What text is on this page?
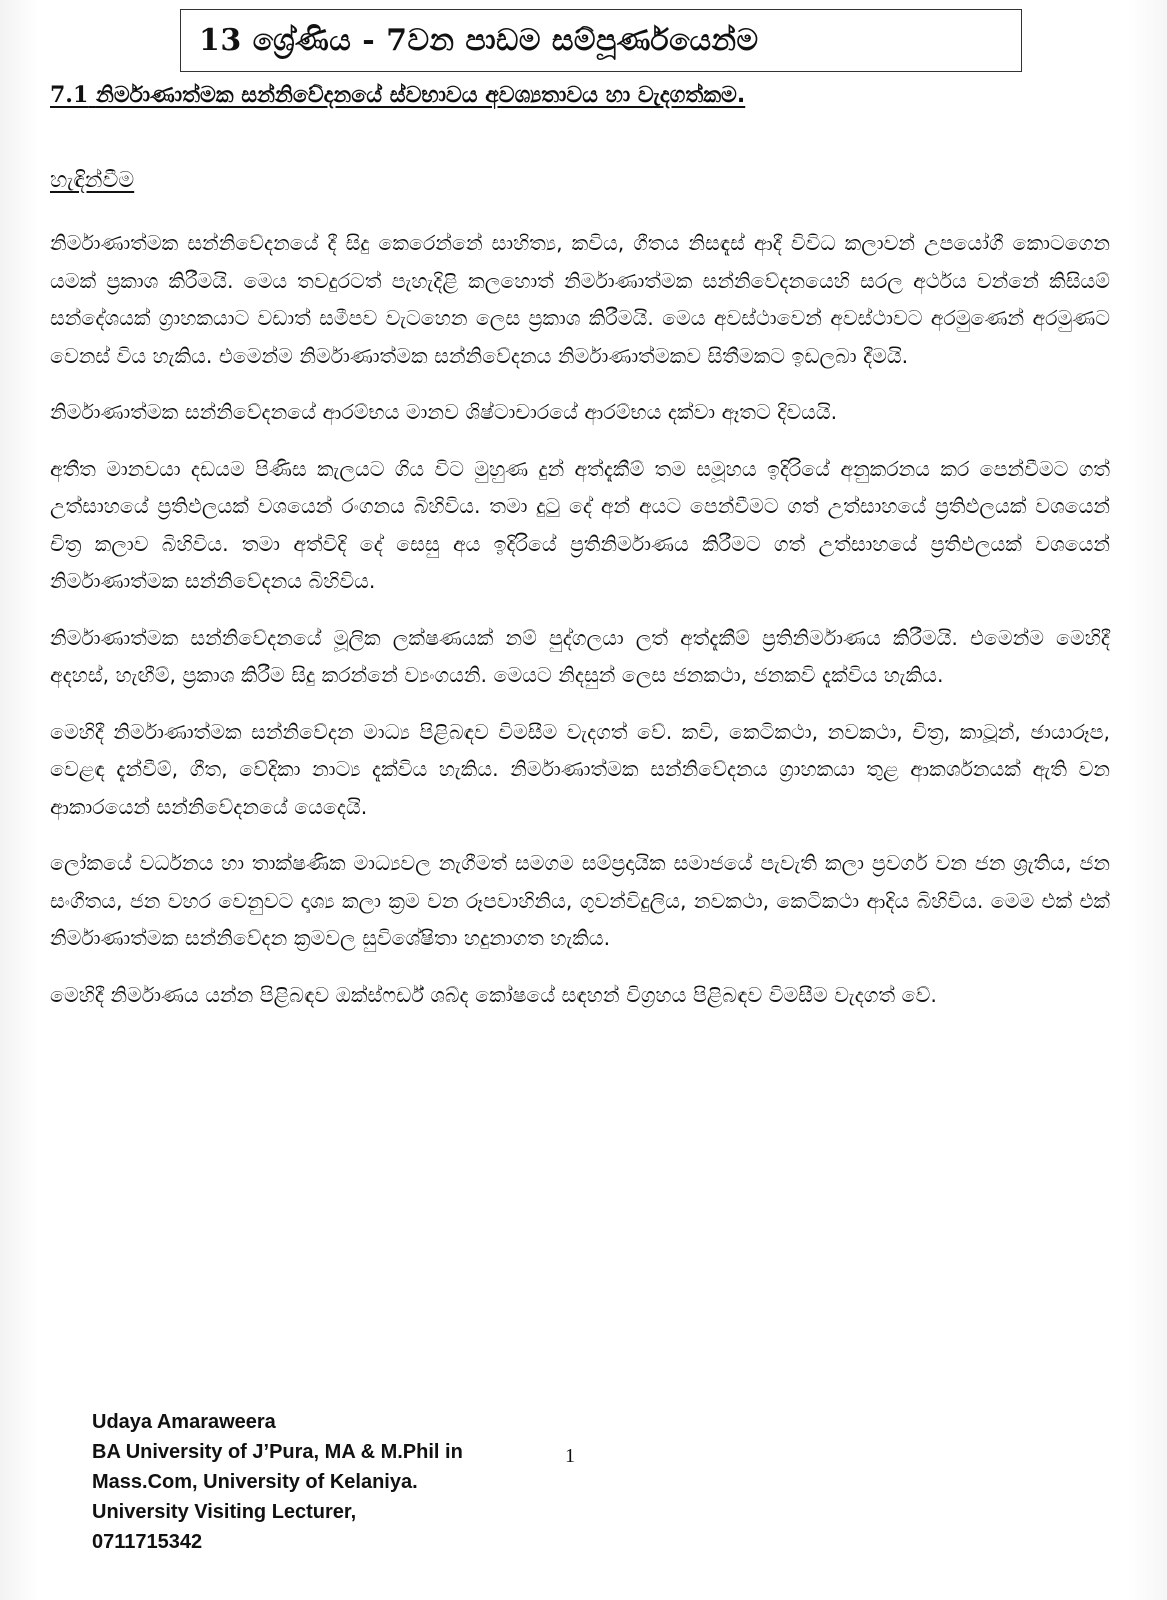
13 ශ්‍රේණිය - 7වන පාඩම සම්පූර්ණයෙන්ම
7.1 නිර්මාණාත්මක සන්නිවේදනයේ ස්වභාවය අවශ්‍යතාවය හා වැදගත්කම.
හැඳින්වීම

නිර්මාණාත්මක සන්නිවේදනයේ දී සිදු කෙරෙන්නේ සාහිත්‍ය, කවිය, ගීතය නිසඳැස් ආදී විවිධ කලාවන් උපයෝගී කොටගෙන යමක් ප්‍රකාශ කිරීමයි. මෙය තවදුරටත් පැහැදිළි කලහොත් නිර්මාණාත්මක සන්නිවේදනයෙහි සරල අර්ථය වන්නේ කිසියම් සන්දේශයක් ග්‍රාහකයාට වඩාත් සමීපව වැටහෙන ලෙස ප්‍රකාශ කිරීමයි. මෙය අවස්ථාවෙන් අවස්ථාවට අරමුණෙන් අරමුණට වෙනස් විය හැකිය. එමෙන්ම නිර්මාණාත්මක සන්නිවේදනය නිර්මාණාත්මකව සිතීමකට ඉඩලබා දීමයි.

නිර්මාණාත්මක සන්නිවේදනයේ ආරම්භය මානව ශිෂ්ටාචාරයේ ආරම්භය දක්වා ඈතට දිවයයි.

අතීත මානවයා දඩයම පිණිස කැලයට ගිය විට මුහුණ දුන් අත්දැකීම් තම සමූහය ඉදිරියේ අනුකරනය කර පෙන්වීමට ගත් උත්සාහයේ ප්‍රතිඵලයක් වශයෙන් රංගනය බිහිවිය. තමා දුටු දේ අන් අයට පෙන්වීමට ගත් උත්සාහයේ ප්‍රතිඵලයක් වශයෙන් චිත්‍ර කලාව බිහිවිය. තමා අත්විදි දේ සෙසු අය ඉදිරියේ ප්‍රතිනිර්මාණය කිරීමට ගත් උත්සාහයේ ප්‍රතිඵලයක් වශයෙන් නිර්මාණාත්මක සන්නිවේදනය බිහිවිය.

නිර්මාණාත්මක සන්නිවේදනයේ මූලික ලක්ෂණයක් නම් පුද්ගලයා ලත් අත්දැකීම් ප්‍රතිනිර්මාණය කිරීමයි. එමෙන්ම මෙහිදී අදහස්, හැඟීම්, ප්‍රකාශ කිරීම සිදු කරන්නේ ව්‍යංගයනි. මෙයට නිදසුන් ලෙස ජනකථා, ජනකවි දැක්විය හැකිය.

මෙහිදී නිර්මාණාත්මක සන්නිවේදන මාධ්‍ය පිළිබඳව විමසීම වැදගත් වේ. කවි, කෙටිකථා, නවකථා, චිත්‍ර, කාටූන්, ඡායාරූප, වෙළඳ දැන්වීම්, ගීත, වේදිකා නාට්‍ය දැක්විය හැකිය. නිර්මාණාත්මක සන්නිවේදනය ග්‍රාහකයා තුළ ආකර්ශනයක් ඇති වන ආකාරයෙන් සන්නිවේදනයේ යෙදෙයි.

ලෝකයේ වර්ධනය හා තාක්ෂණික මාධ්‍යවල නැගීමත් සමගම සම්ප්‍රදායික සමාජයේ පැවැති කලා ප්‍රවර්ග වන ජන ශ්‍රැතිය, ජන සංගීතය, ජන වහර වෙනුවට දෘශ්‍ය කලා ක්‍රම වන රූපවාහිනිය, ගුවන්විදුලිය, නවකථා, කෙටිකථා ආදිය බිහිවිය. මෙම එක් එක් නිර්මාණාත්මක සන්නිවේදන ක්‍රමවල සුවිශේෂිතා හදුනාගත හැකිය.

මෙහිදී නිර්මාණය යන්න පිළිබඳව ඔක්ස්ෆර්ඩ් ශබ්ද කෝෂයේ සඳහන් විග්‍රහය පිළිබඳව විමසීම වැදගත් වේ.

Udaya Amaraweera
BA University of J’Pura, MA & M.Phil in
Mass.Com, University of Kelaniya.
University Visiting Lecturer,
0711715342
1
